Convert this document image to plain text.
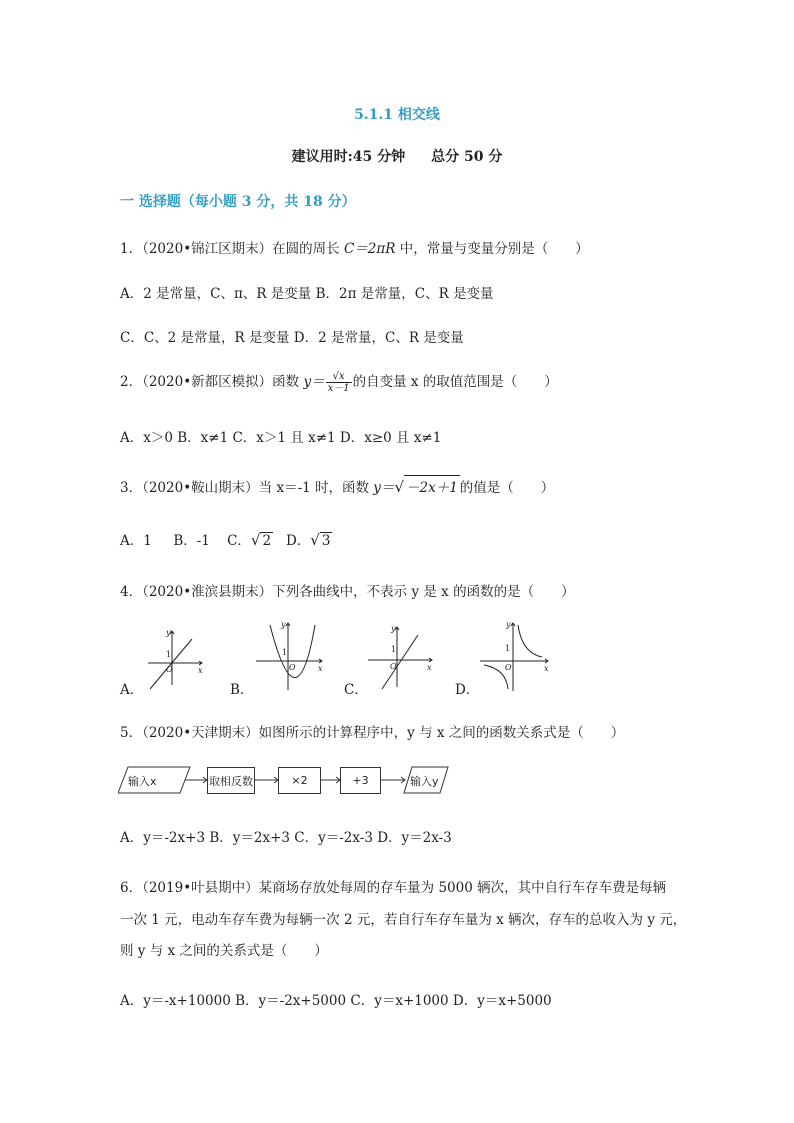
5.1.1 相交线
建议用时:45 分钟 总分 50 分
一 选择题（每小题 3 分，共 18 分）
1．（2020•锦江区期末）在圆的周长 C＝2πR 中，常量与变量分别是（　　）
A．2 是常量，C、π、R 是变量 B．2π 是常量，C、R 是变量
C．C、2 是常量，R 是变量 D．2 是常量，C、R 是变量
2．（2020•新都区模拟）函数 $y= \frac{√x}{x-1}$ 的自变量 x 的取值范围是（　　）
A．x＞0 B．x≠1 C．x＞1 且 x≠1 D．x≥0 且 x≠1
3．（2020•鞍山期末）当 x＝-1 时，函数 y＝√ －2x＋1 的值是（　　）
A．1 B．-1 C．√ 2 D．√ 3
4．（2020•淮滨县期末）下列各曲线中，不表示 y 是 x 的函数的是（　　）
O
1
x
y
O
1
x
y
O
1
x
y
O
1
x
y
A．	B．	C．	D．
5．（2020•天津期末）如图所示的计算程序中，y 与 x 之间的函数关系式是（　　）
输入x	取相反数	×2	+3	输入y
A．y＝-2x+3 B．y＝2x+3 C．y＝-2x-3 D．y＝2x-3
6．（2019•叶县期中）某商场存放处每周的存车量为 5000 辆次，其中自行车存车费是每辆
一次 1 元，电动车存车费为每辆一次 2 元，若自行车存车量为 x 辆次，存车的总收入为 y 元，
则 y 与 x 之间的关系式是（　　）
A．y＝-x+10000 B．y＝-2x+5000 C．y＝x+1000 D．y＝x+5000
